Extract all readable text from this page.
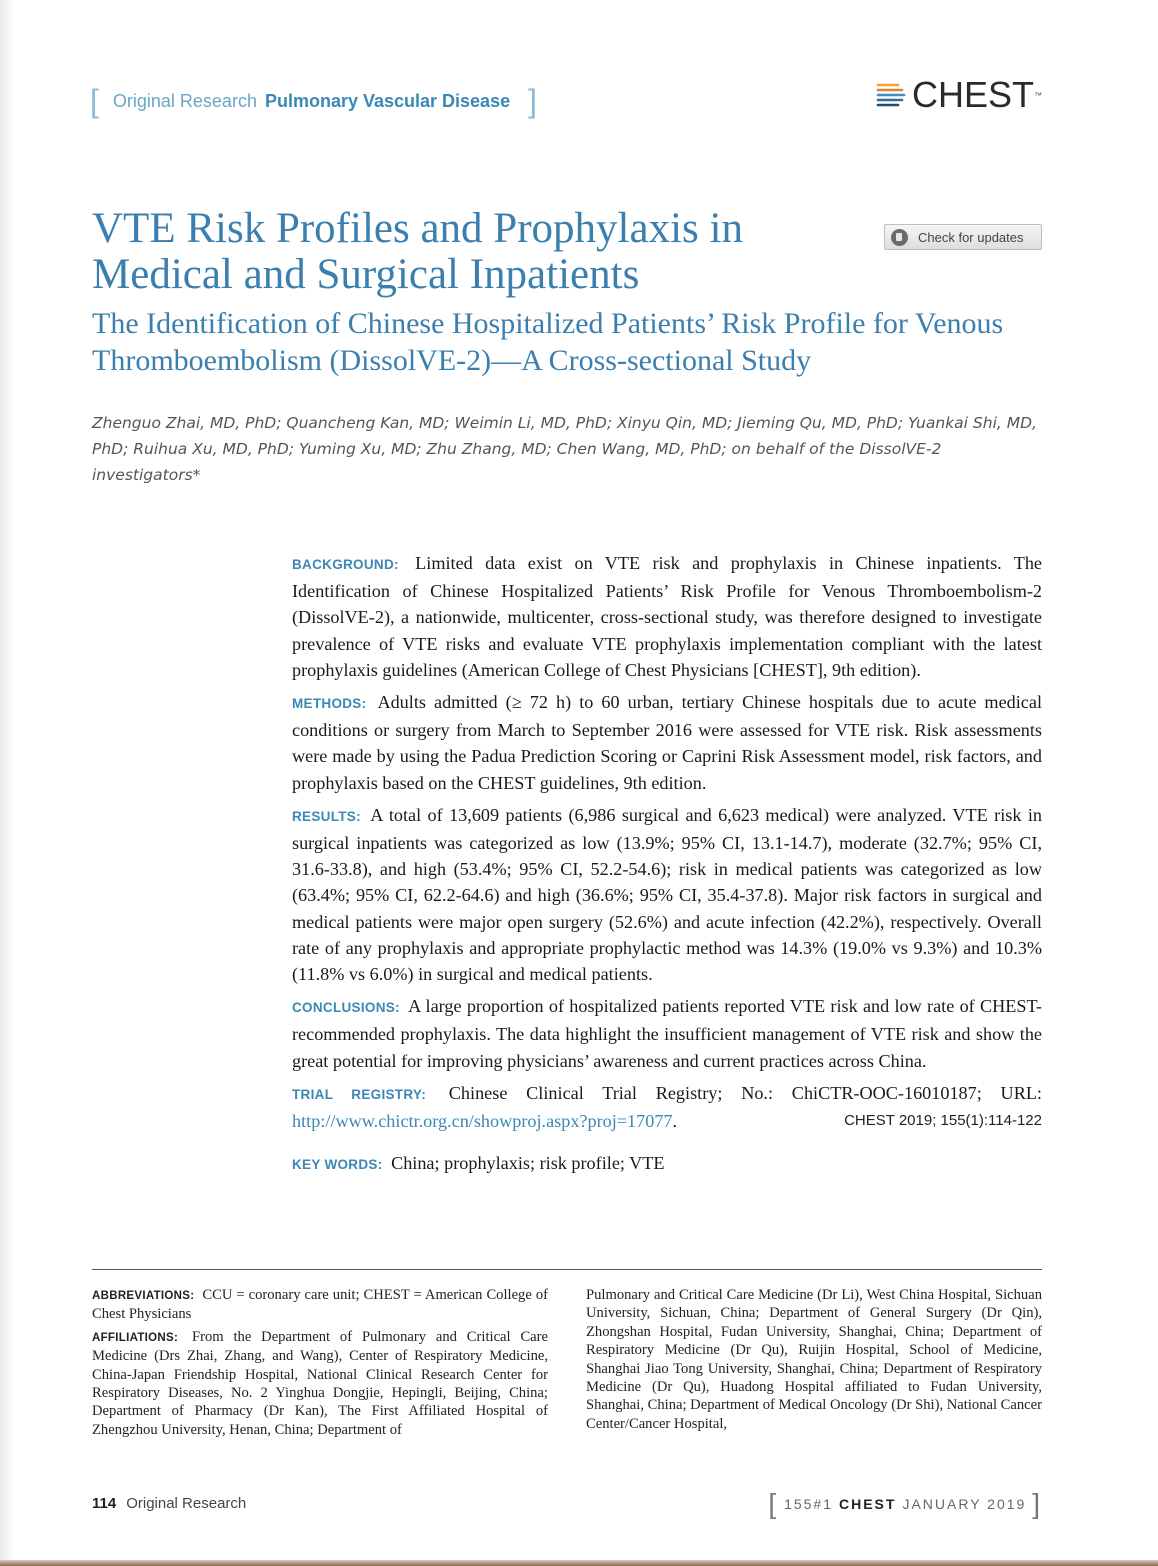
[ Original Research Pulmonary Vascular Disease ]	CHEST ™
VTE Risk Profiles and Prophylaxis in Medical and Surgical Inpatients
Check for updates
The Identification of Chinese Hospitalized Patients’ Risk Profile for Venous Thromboembolism (DissolVE-2)—A Cross-sectional Study

Zhenguo Zhai, MD, PhD; Quancheng Kan, MD; Weimin Li, MD, PhD; Xinyu Qin, MD; Jieming Qu, MD, PhD; Yuankai Shi, MD, PhD; Ruihua Xu, MD, PhD; Yuming Xu, MD; Zhu Zhang, MD; Chen Wang, MD, PhD; on behalf of the DissolVE-2 investigators*

BACKGROUND: Limited data exist on VTE risk and prophylaxis in Chinese inpatients. The Identification of Chinese Hospitalized Patients’ Risk Profile for Venous Thromboembolism-2 (DissolVE-2), a nationwide, multicenter, cross-sectional study, was therefore designed to investigate prevalence of VTE risks and evaluate VTE prophylaxis implementation compliant with the latest prophylaxis guidelines (American College of Chest Physicians [CHEST], 9th edition).

METHODS: Adults admitted (≥ 72 h) to 60 urban, tertiary Chinese hospitals due to acute medical conditions or surgery from March to September 2016 were assessed for VTE risk. Risk assessments were made by using the Padua Prediction Scoring or Caprini Risk Assessment model, risk factors, and prophylaxis based on the CHEST guidelines, 9th edition.

RESULTS: A total of 13,609 patients (6,986 surgical and 6,623 medical) were analyzed. VTE risk in surgical inpatients was categorized as low (13.9%; 95% CI, 13.1-14.7), moderate (32.7%; 95% CI, 31.6-33.8), and high (53.4%; 95% CI, 52.2-54.6); risk in medical patients was categorized as low (63.4%; 95% CI, 62.2-64.6) and high (36.6%; 95% CI, 35.4-37.8). Major risk factors in surgical and medical patients were major open surgery (52.6%) and acute infection (42.2%), respectively. Overall rate of any prophylaxis and appropriate prophylactic method was 14.3% (19.0% vs 9.3%) and 10.3% (11.8% vs 6.0%) in surgical and medical patients.

CONCLUSIONS: A large proportion of hospitalized patients reported VTE risk and low rate of CHEST-recommended prophylaxis. The data highlight the insufficient management of VTE risk and show the great potential for improving physicians’ awareness and current practices across China.

TRIAL REGISTRY: Chinese Clinical Trial Registry; No.: ChiCTR-OOC-16010187; URL: http://www.chictr.org.cn/showproj.aspx?proj=17077.	CHEST 2019; 155(1):114-122

KEY WORDS: China; prophylaxis; risk profile; VTE

ABBREVIATIONS: CCU = coronary care unit; CHEST = American College of Chest Physicians

AFFILIATIONS: From the Department of Pulmonary and Critical Care Medicine (Drs Zhai, Zhang, and Wang), Center of Respiratory Medicine, China-Japan Friendship Hospital, National Clinical Research Center for Respiratory Diseases, No. 2 Yinghua Dongjie, Hepingli, Beijing, China; Department of Pharmacy (Dr Kan), The First Affiliated Hospital of Zhengzhou University, Henan, China; Department of

Pulmonary and Critical Care Medicine (Dr Li), West China Hospital, Sichuan University, Sichuan, China; Department of General Surgery (Dr Qin), Zhongshan Hospital, Fudan University, Shanghai, China; Department of Respiratory Medicine (Dr Qu), Ruijin Hospital, School of Medicine, Shanghai Jiao Tong University, Shanghai, China; Department of Respiratory Medicine (Dr Qu), Huadong Hospital affiliated to Fudan University, Shanghai, China; Department of Medical Oncology (Dr Shi), National Cancer Center/Cancer Hospital,

114 Original Research	[ 155#1 CHEST JANUARY 2019 ]
